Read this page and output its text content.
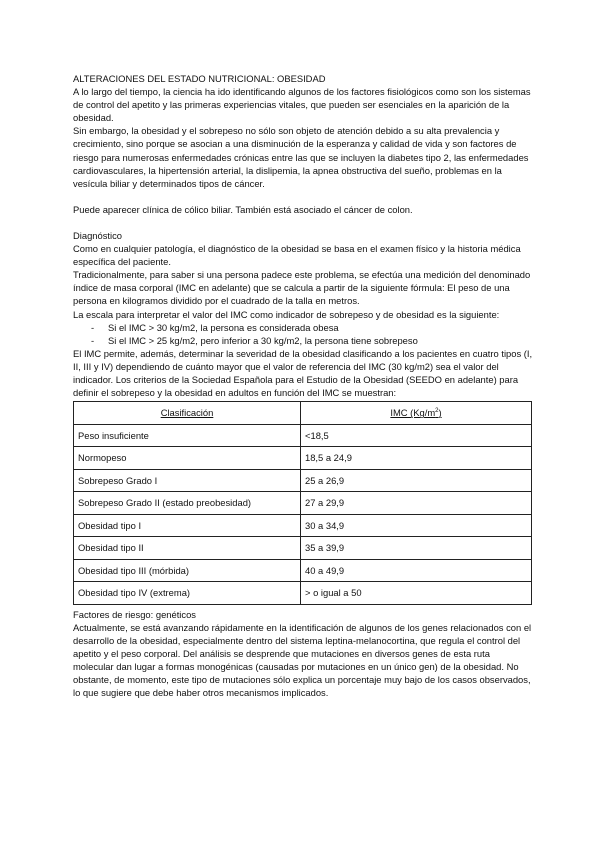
ALTERACIONES DEL ESTADO NUTRICIONAL: OBESIDAD

A lo largo del tiempo, la ciencia ha ido identificando algunos de los factores fisiológicos como son los sistemas de control del apetito y las primeras experiencias vitales, que pueden ser esenciales en la aparición de la obesidad.

Sin embargo, la obesidad y el sobrepeso no sólo son objeto de atención debido a su alta prevalencia y crecimiento, sino porque se asocian a una disminución de la esperanza y calidad de vida y son factores de riesgo para numerosas enfermedades crónicas entre las que se incluyen la diabetes tipo 2, las enfermedades cardiovasculares, la hipertensión arterial, la dislipemia, la apnea obstructiva del sueño, problemas en la vesícula biliar y determinados tipos de cáncer.

Puede aparecer clínica de cólico biliar. También está asociado el cáncer de colon.

Diagnóstico

Como en cualquier patología, el diagnóstico de la obesidad se basa en el examen físico y la historia médica específica del paciente.

Tradicionalmente, para saber si una persona padece este problema, se efectúa una medición del denominado índice de masa corporal (IMC en adelante) que se calcula a partir de la siguiente fórmula: El peso de una persona en kilogramos dividido por el cuadrado de la talla en metros.

La escala para interpretar el valor del IMC como indicador de sobrepeso y de obesidad es la siguiente:

- Si el IMC ˃ 30 kg/m2, la persona es considerada obesa
- Si el IMC ˃ 25 kg/m2, pero inferior a 30 kg/m2, la persona tiene sobrepeso

El IMC permite, además, determinar la severidad de la obesidad clasificando a los pacientes en cuatro tipos (I, II, III y IV) dependiendo de cuánto mayor que el valor de referencia del IMC (30 kg/m2) sea el valor del indicador. Los criterios de la Sociedad Española para el Estudio de la Obesidad (SEEDO en adelante) para definir el sobrepeso y la obesidad en adultos en función del IMC se muestran:

Clasificación	IMC $(Kg/m^2)$
Peso insuficiente	<18,5
Normopeso	18,5 a 24,9
Sobrepeso Grado I	25 a 26,9
Sobrepeso Grado II (estado preobesidad)	27 a 29,9
Obesidad tipo I	30 a 34,9
Obesidad tipo II	35 a 39,9
Obesidad tipo III (mórbida)	40 a 49,9
Obesidad tipo IV (extrema)	> o igual a 50

Factores de riesgo: genéticos

Actualmente, se está avanzando rápidamente en la identificación de algunos de los genes relacionados con el desarrollo de la obesidad, especialmente dentro del sistema leptina-melanocortina, que regula el control del apetito y el peso corporal. Del análisis se desprende que mutaciones en diversos genes de esta ruta molecular dan lugar a formas monogénicas (causadas por mutaciones en un único gen) de la obesidad. No obstante, de momento, este tipo de mutaciones sólo explica un porcentaje muy bajo de los casos observados, lo que sugiere que debe haber otros mecanismos implicados.
